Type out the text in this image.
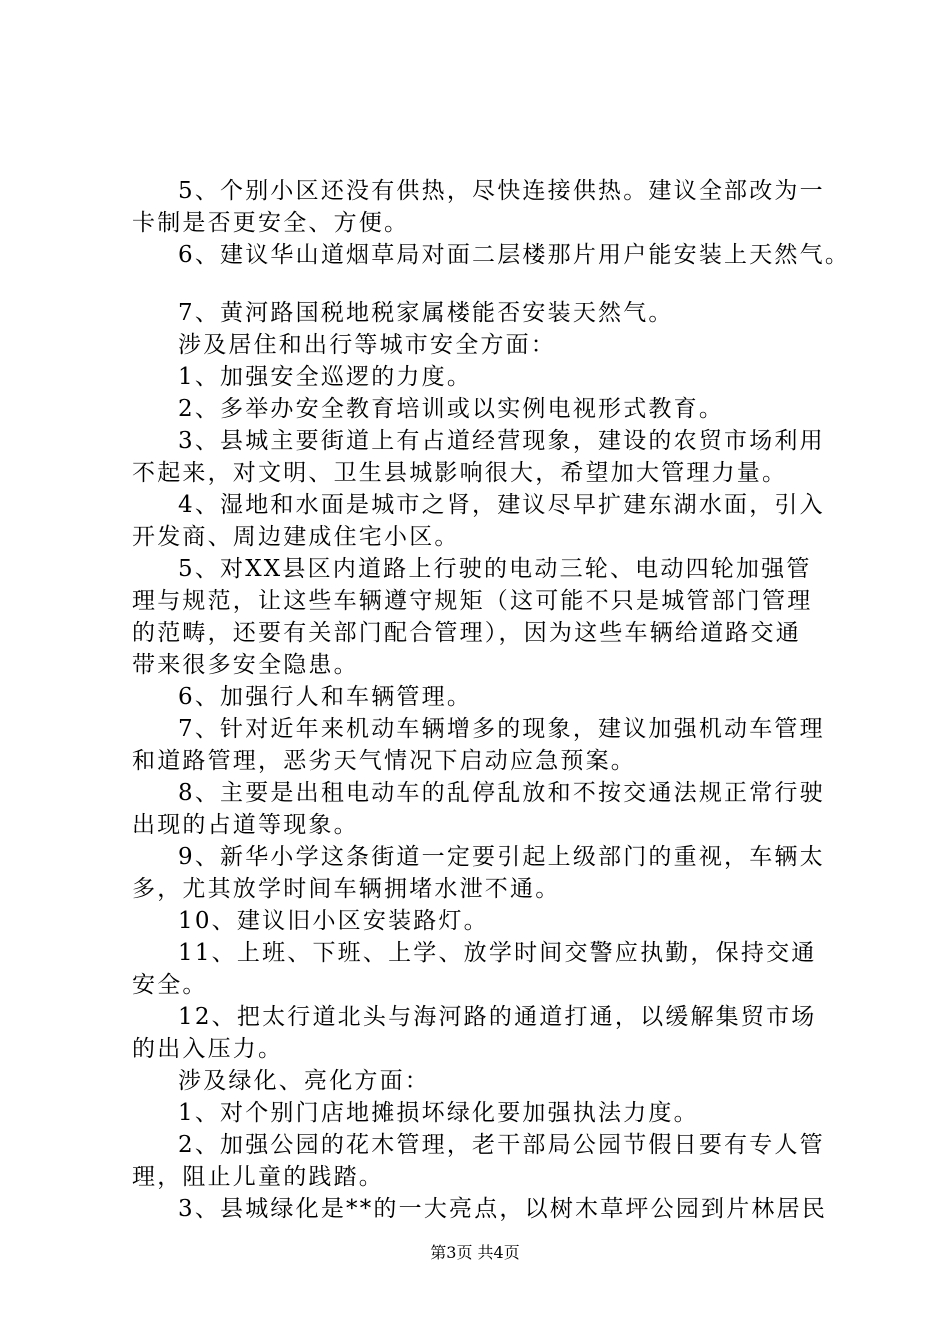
5、个别小区还没有供热，尽快连接供热。建议全部改为一
卡制是否更安全、方便。
6、建议华山道烟草局对面二层楼那片用户能安装上天然气。
7、黄河路国税地税家属楼能否安装天然气。
涉及居住和出行等城市安全方面：
1、加强安全巡逻的力度。
2、多举办安全教育培训或以实例电视形式教育。
3、县城主要街道上有占道经营现象，建设的农贸市场利用
不起来，对文明、卫生县城影响很大，希望加大管理力量。
4、湿地和水面是城市之肾，建议尽早扩建东湖水面，引入
开发商、周边建成住宅小区。
5、对XX县区内道路上行驶的电动三轮、电动四轮加强管
理与规范，让这些车辆遵守规矩（这可能不只是城管部门管理
的范畴，还要有关部门配合管理），因为这些车辆给道路交通
带来很多安全隐患。
6、加强行人和车辆管理。
7、针对近年来机动车辆增多的现象，建议加强机动车管理
和道路管理，恶劣天气情况下启动应急预案。
8、主要是出租电动车的乱停乱放和不按交通法规正常行驶
出现的占道等现象。
9、新华小学这条街道一定要引起上级部门的重视，车辆太
多，尤其放学时间车辆拥堵水泄不通。
10、建议旧小区安装路灯。
11、上班、下班、上学、放学时间交警应执勤，保持交通
安全。
12、把太行道北头与海河路的通道打通，以缓解集贸市场
的出入压力。
涉及绿化、亮化方面：
1、对个别门店地摊损坏绿化要加强执法力度。
2、加强公园的花木管理，老干部局公园节假日要有专人管
理，阻止儿童的践踏。
3、县城绿化是**的一大亮点，以树木草坪公园到片林居民
第3页 共4页
